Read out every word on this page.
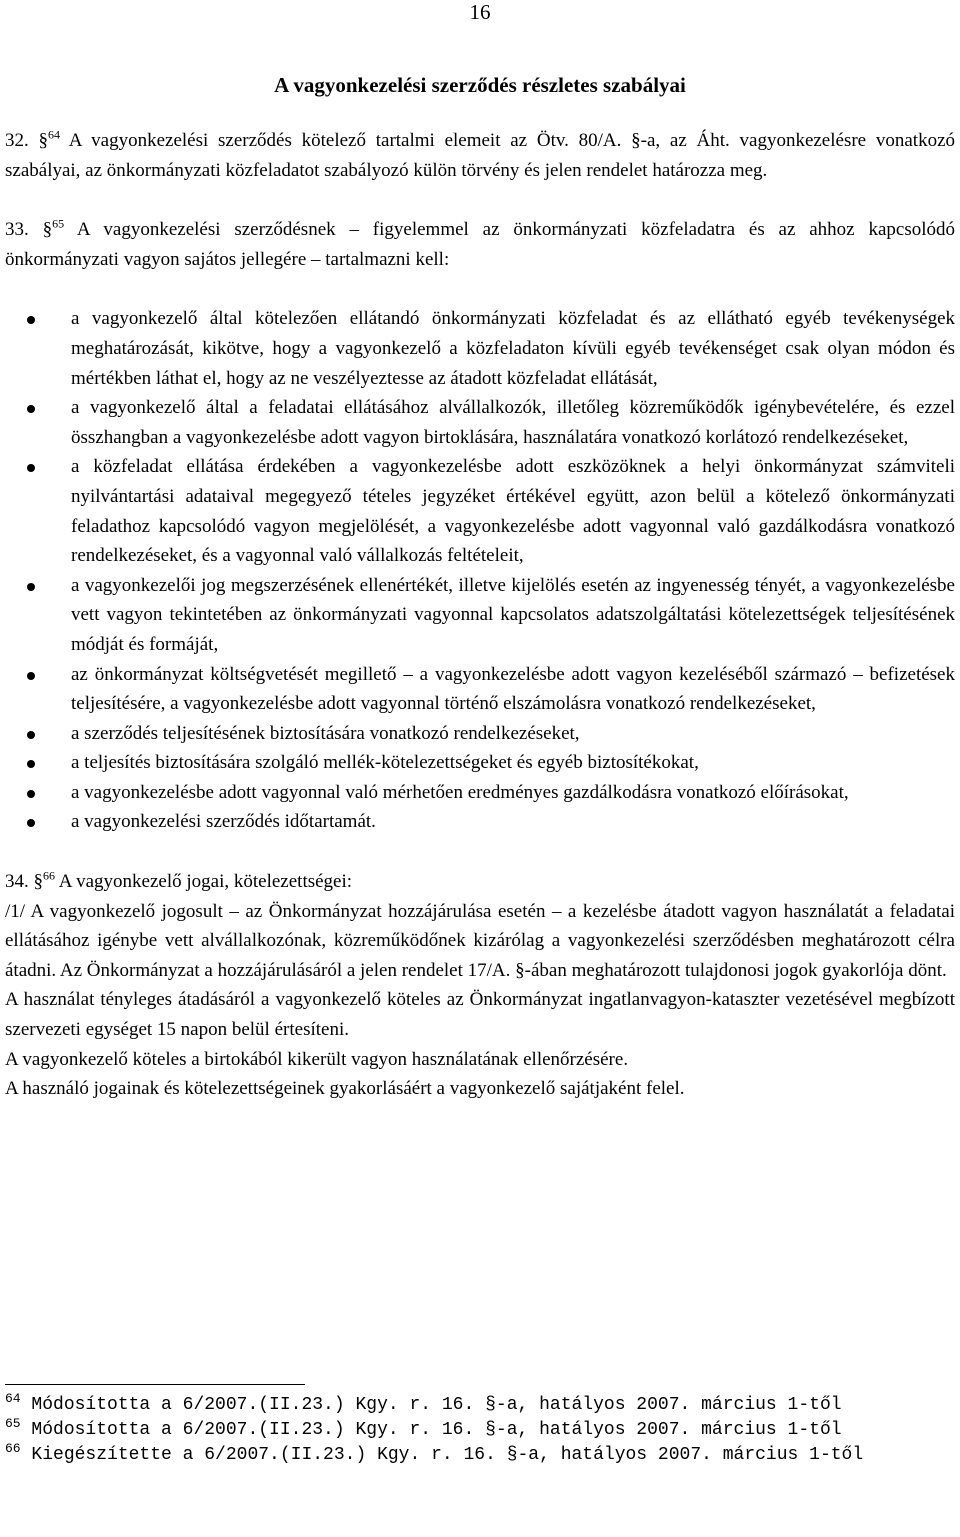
16
A vagyonkezelési szerződés részletes szabályai

32. §$^{64}$ A vagyonkezelési szerződés kötelező tartalmi elemeit az Ötv. 80/A. §-a, az Áht. vagyonkezelésre vonatkozó szabályai, az önkormányzati közfeladatot szabályozó külön törvény és jelen rendelet határozza meg.

33. §$^{65}$ A vagyonkezelési szerződésnek – figyelemmel az önkormányzati közfeladatra és az ahhoz kapcsolódó önkormányzati vagyon sajátos jellegére – tartalmazni kell:

a vagyonkezelő által kötelezően ellátandó önkormányzati közfeladat és az ellátható egyéb tevékenységek meghatározását, kikötve, hogy a vagyonkezelő a közfeladaton kívüli egyéb tevékenséget csak olyan módon és mértékben láthat el, hogy az ne veszélyeztesse az átadott közfeladat ellátását,
a vagyonkezelő által a feladatai ellátásához alvállalkozók, illetőleg közreműködők igénybevételére, és ezzel összhangban a vagyonkezelésbe adott vagyon birtoklására, használatára vonatkozó korlátozó rendelkezéseket,
a közfeladat ellátása érdekében a vagyonkezelésbe adott eszközöknek a helyi önkormányzat számviteli nyilvántartási adataival megegyező tételes jegyzéket értékével együtt, azon belül a kötelező önkormányzati feladathoz kapcsolódó vagyon megjelölését, a vagyonkezelésbe adott vagyonnal való gazdálkodásra vonatkozó rendelkezéseket, és a vagyonnal való vállalkozás feltételeit,
a vagyonkezelői jog megszerzésének ellenértékét, illetve kijelölés esetén az ingyenesség tényét, a vagyonkezelésbe vett vagyon tekintetében az önkormányzati vagyonnal kapcsolatos adatszolgáltatási kötelezettségek teljesítésének módját és formáját,
az önkormányzat költségvetését megillető – a vagyonkezelésbe adott vagyon kezeléséből származó – befizetések teljesítésére, a vagyonkezelésbe adott vagyonnal történő elszámolásra vonatkozó rendelkezéseket,
a szerződés teljesítésének biztosítására vonatkozó rendelkezéseket,
a teljesítés biztosítására szolgáló mellék-kötelezettségeket és egyéb biztosítékokat,
a vagyonkezelésbe adott vagyonnal való mérhetően eredményes gazdálkodásra vonatkozó előírásokat,
a vagyonkezelési szerződés időtartamát.

34. §$^{66}$ A vagyonkezelő jogai, kötelezettségei:

/1/ A vagyonkezelő jogosult – az Önkormányzat hozzájárulása esetén – a kezelésbe átadott vagyon használatát a feladatai ellátásához igénybe vett alvállalkozónak, közreműködőnek kizárólag a vagyonkezelési szerződésben meghatározott célra átadni. Az Önkormányzat a hozzájárulásáról a jelen rendelet 17/A. §-ában meghatározott tulajdonosi jogok gyakorlója dönt.

A használat tényleges átadásáról a vagyonkezelő köteles az Önkormányzat ingatlanvagyon-kataszter vezetésével megbízott szervezeti egységet 15 napon belül értesíteni.

A vagyonkezelő köteles a birtokából kikerült vagyon használatának ellenőrzésére.

A használó jogainak és kötelezettségeinek gyakorlásáért a vagyonkezelő sajátjaként felel.

$^{64}$ Módosította a 6/2007.(II.23.) Kgy. r. 16. §-a, hatályos 2007. március 1-től
$^{65}$ Módosította a 6/2007.(II.23.) Kgy. r. 16. §-a, hatályos 2007. március 1-től
$^{66}$ Kiegészítette a 6/2007.(II.23.) Kgy. r. 16. §-a, hatályos 2007. március 1-től
